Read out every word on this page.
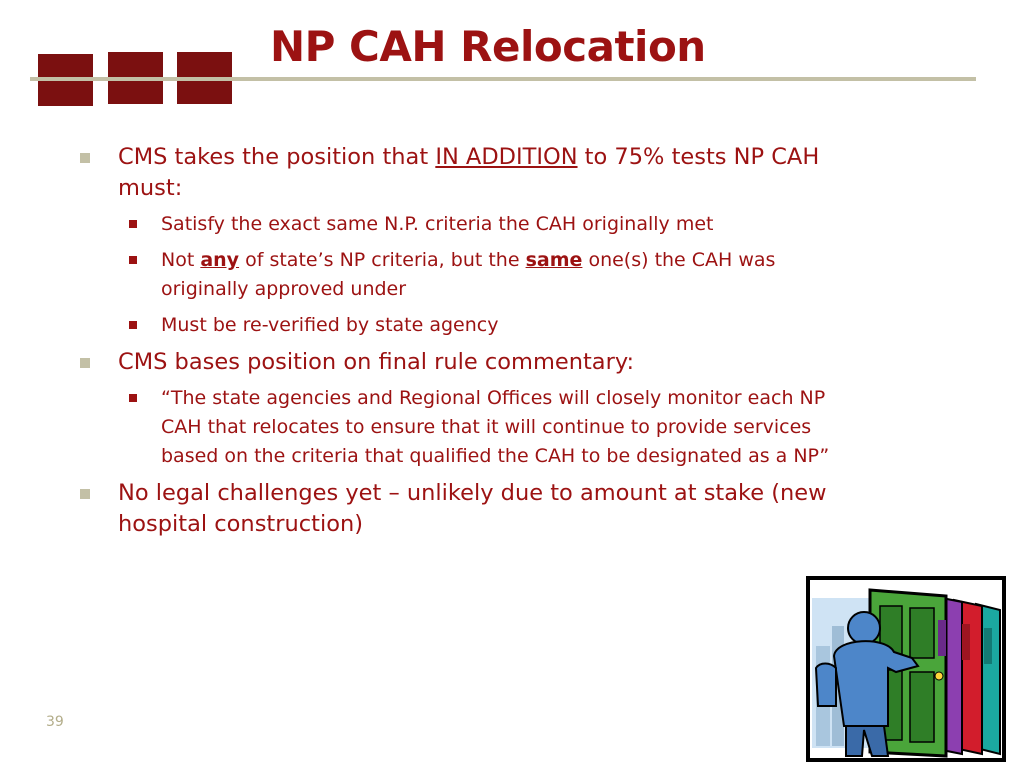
NP CAH Relocation
CMS takes the position that IN ADDITION to 75% tests NP CAH must:
Satisfy the exact same N.P. criteria the CAH originally met
Not any of state’s NP criteria, but the same one(s) the CAH was originally approved under
Must be re-verified by state agency
CMS bases position on final rule commentary:
“The state agencies and Regional Offices will closely monitor each NP CAH that relocates to ensure that it will continue to provide services based on the criteria that qualified the CAH to be designated as a NP”
No legal challenges yet – unlikely due to amount at stake (new hospital construction)
39
